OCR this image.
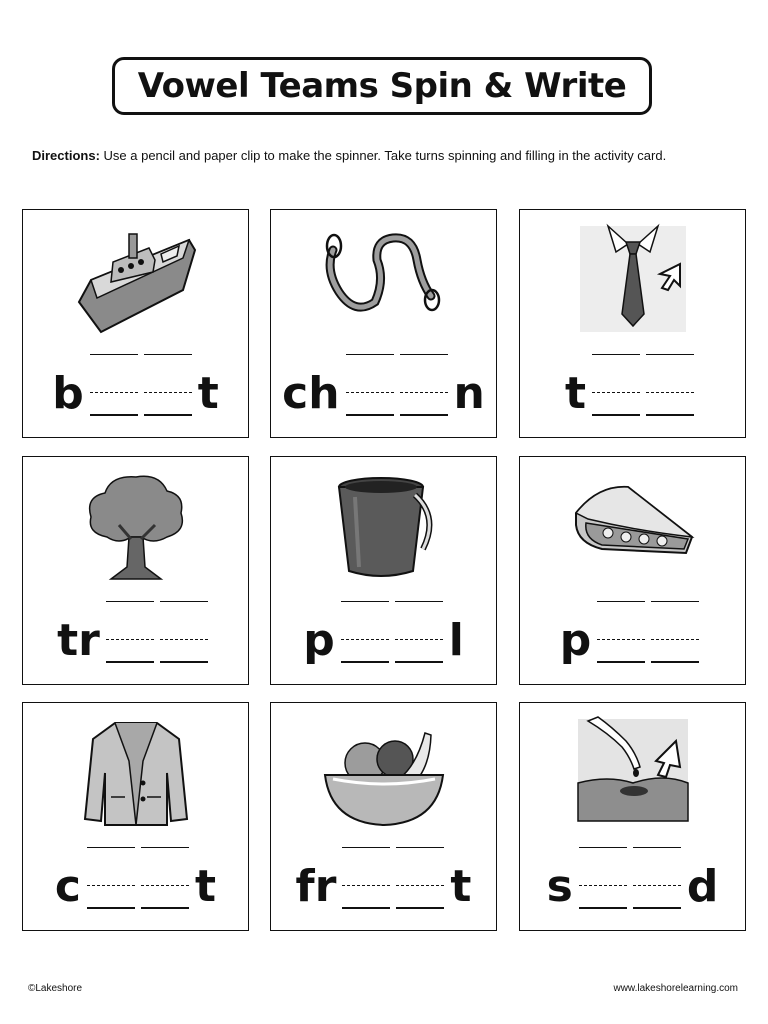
Vowel Teams Spin & Write
Directions: Use a pencil and paper clip to make the spinner. Take turns spinning and filling in the activity card.
b	t ch	n t
tr	p	l p
c	t fr	t s	d
©Lakeshore	www.lakeshorelearning.com
